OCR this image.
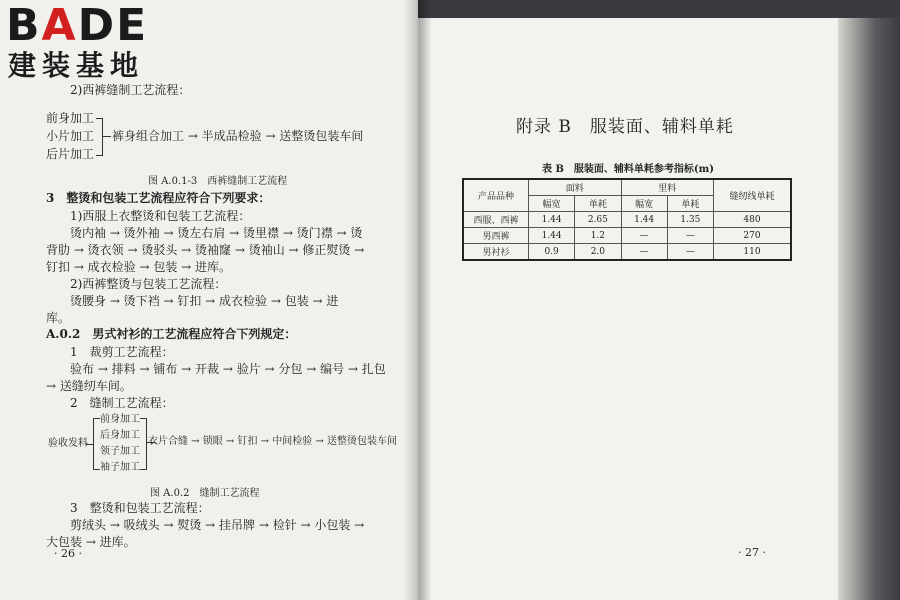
BADE
建装基地
2)西裤缝制工艺流程：
前身加工
小片加工
后片加工
裤身组合加工 → 半成品检验 → 送整烫包装车间
图 A.0.1-3　西裤缝制工艺流程
3　整烫和包装工艺流程应符合下列要求：
1)西服上衣整烫和包装工艺流程：
烫内袖 → 烫外袖 → 烫左右肩 → 烫里襟 → 烫门襟 → 烫
背肋 → 烫衣领 → 烫驳头 → 烫袖窿 → 烫袖山 → 修正熨烫 →
钉扣 → 成衣检验 → 包装 → 进库。
2)西裤整烫与包装工艺流程：
烫腰身 → 烫下裆 → 钉扣 → 成衣检验 → 包装 → 进
库。
A.0.2　男式衬衫的工艺流程应符合下列规定：
1　裁剪工艺流程：
验布 → 排料 → 铺布 → 开裁 → 验片 → 分包 → 编号 → 扎包
→ 送缝纫车间。
2　缝制工艺流程：
验收发料
前身加工
后身加工
领子加工
袖子加工
衣片合缝 → 锁眼 → 钉扣 → 中间检验 → 送整烫包装车间
图 A.0.2　缝制工艺流程
3　整烫和包装工艺流程：
剪绒头 → 吸绒头 → 熨烫 → 挂吊牌 → 检针 → 小包装 →
大包装 → 进库。
· 26 ·
附录 B　服装面、辅料单耗
表 B　服装面、辅料单耗参考指标(m)
产品品种	面料		里料		缝纫线单耗
	幅宽	单耗	幅宽	单耗	
西服、西裤	1.44	2.65	1.44	1.35	480
男西裤	1.44	1.2	—	—	270
男衬衫	0.9	2.0	—	—	110
· 27 ·
